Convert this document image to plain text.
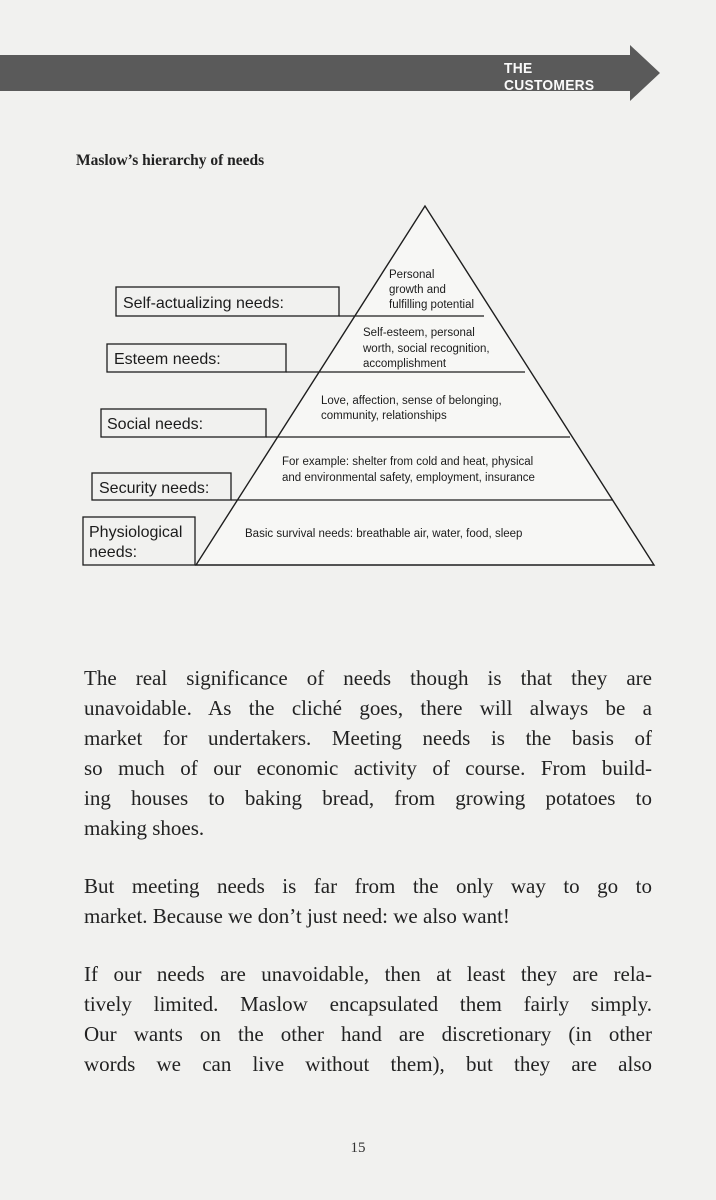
THE CUSTOMERS
Maslow’s hierarchy of needs
Self-actualizing needs:
Esteem needs:
Social needs:
Security needs:
Physiological
needs:
Personal
growth and
fulfilling potential
Self-esteem, personal
worth, social recognition,
accomplishment
Love, affection, sense of belonging,
community, relationships
For example: shelter from cold and heat, physical
and environmental safety, employment, insurance
Basic survival needs: breathable air, water, food, sleep

The real significance of needs though is that they are

unavoidable. As the cliché goes, there will always be a

market for undertakers. Meeting needs is the basis of

so much of our economic activity of course. From build-

ing houses to baking bread, from growing potatoes to

making shoes.

But meeting needs is far from the only way to go to

market. Because we don’t just need: we also want!

If our needs are unavoidable, then at least they are rela-

tively limited. Maslow encapsulated them fairly simply.

Our wants on the other hand are discretionary (in other

words we can live without them), but they are also

15
